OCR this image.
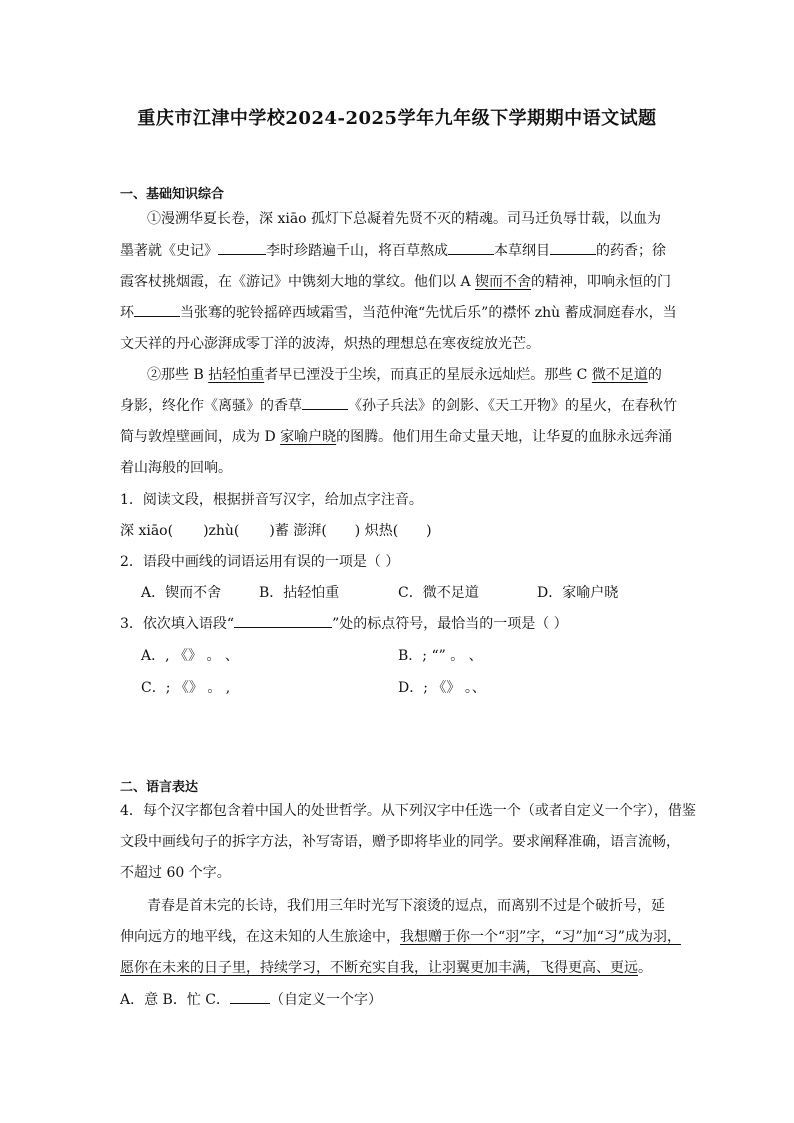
重庆市江津中学校2024-2025学年九年级下学期期中语文试题
一、基础知识综合
①漫溯华夏长卷，深 xiāo 孤灯下总凝着先贤不灭的精魂。司马迁负辱廿载，以血为
墨著就《史记》	李时珍踏遍千山，将百草熬成	本草纲目	的药香；徐
霞客杖挑烟霞，在《游记》中镌刻大地的掌纹。他们以 A 锲而不舍的精神，叩响永恒的门
环	当张骞的驼铃摇碎西域霜雪，当范仲淹“先忧后乐”的襟怀 zhù 蓄成洞庭春水，当
文天祥的丹心澎湃成零丁洋的波涛，炽热的理想总在寒夜绽放光芒。
②那些 B 拈轻怕重者早已湮没于尘埃，而真正的星辰永远灿烂。那些 C 微不足道的
身影，终化作《离骚》的香草	《孙子兵法》的剑影、《天工开物》的星火，在春秋竹
简与敦煌壁画间，成为 D 家喻户晓的图腾。他们用生命丈量天地，让华夏的血脉永远奔涌
着山海般的回响。
1．阅读文段，根据拼音写汉字，给加点字注音。
深 xiāo( )zhù( )蓄 澎湃( ) 炽热( )
2．语段中画线的词语运用有误的一项是（ ）
A．锲而不舍	B．拈轻怕重	C．微不足道	D．家喻户晓
3．依次填入语段“	”处的标点符号，最恰当的一项是（ ）
A．, 《》 。 、	B．; “” 。 、
C．; 《》 。 ,	D．; 《》 。、
二、语言表达
4．每个汉字都包含着中国人的处世哲学。从下列汉字中任选一个（或者自定义一个字），借鉴
文段中画线句子的拆字方法，补写寄语，赠予即将毕业的同学。要求阐释准确，语言流畅，
不超过 60 个字。
青春是首未完的长诗，我们用三年时光写下滚烫的逗点，而离别不过是个破折号，延
伸向远方的地平线，在这未知的人生旅途中，我想赠于你一个“羽”字，“习”加“习”成为羽，
愿你在未来的日子里，持续学习，不断充实自我，让羽翼更加丰满，飞得更高、更远。
A．意 B．忙 C．	（自定义一个字）
